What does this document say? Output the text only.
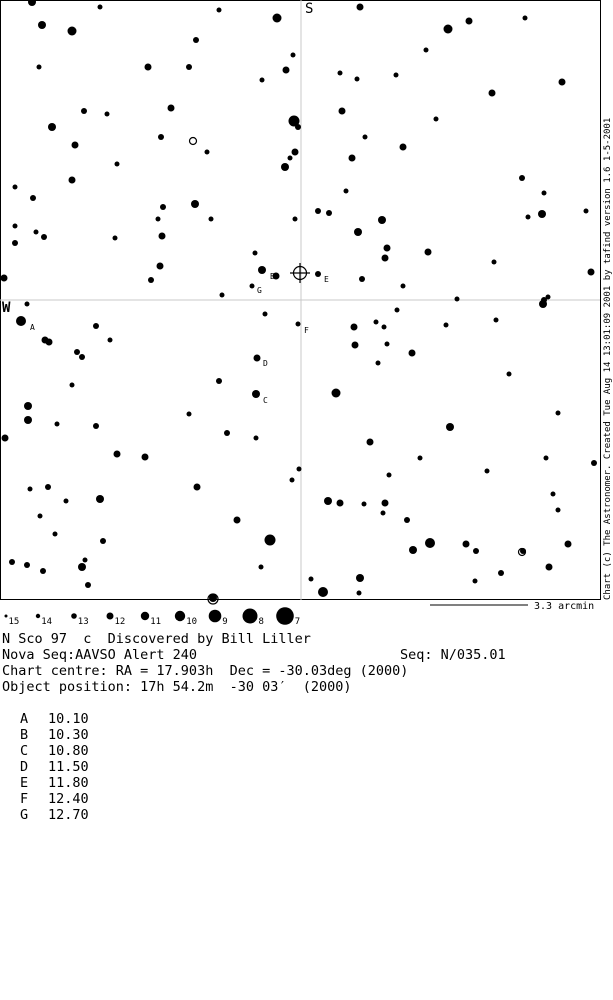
A
B
C
D
E
F
G
S
W
3.3 arcmin
15 14	13	12	11	10	9	8	7
Chart (c) The Astronomer. Created Tue Aug 14 13:01:09 2001 by tafind version 1.6 1-5-2001
N Sco 97  c  Discovered by Bill Liller
Nova Seq:AAVSO Alert 240	Seq: N/035.01
Chart centre: RA = 17.903h  Dec = -30.03deg (2000)
Object position: 17h 54.2m  -30 03′  (2000)
A 10.10
B 10.30
C 10.80
D 11.50
E 11.80
F 12.40
G 12.70
